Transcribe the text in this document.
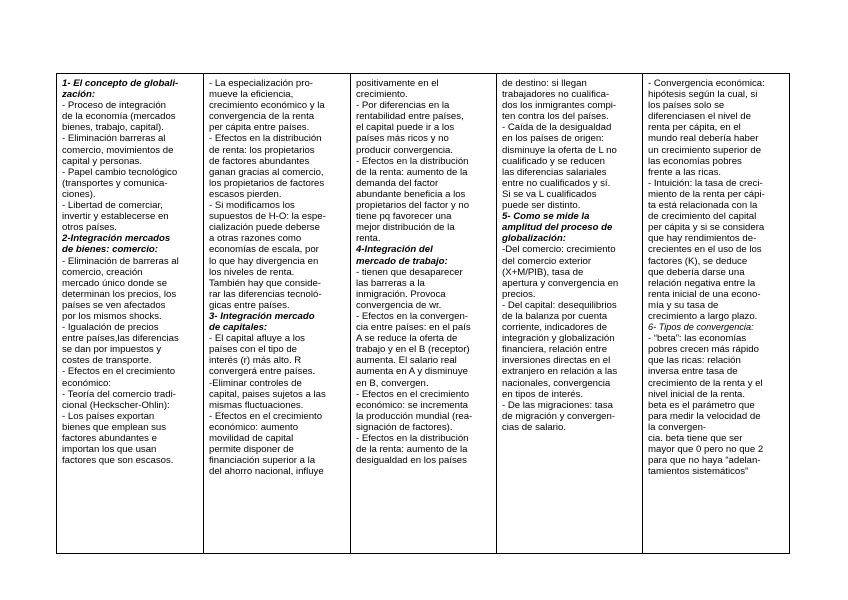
1- El concepto de globali-
zación:
- Proceso de integración
de la economía (mercados
bienes, trabajo, capital).
- Eliminación barreras al
comercio, movimientos de
capital y personas.
- Papel cambio tecnológico
(transportes y comunica-
ciones).
- Libertad de comerciar,
invertir y establecerse en
otros países.
2-Integración mercados
de bienes: comercio:
- Eliminación de barreras al
comercio, creación
mercado único donde se
determinan los precios, los
países se ven afectados
por los mismos shocks.
- Igualación de precios
entre países,las diferencias
se dan por impuestos y
costes de transporte.
- Efectos en el crecimiento
económico:
- Teoría del comercio tradi-
cional (Heckscher-Ohlin):
- Los países exportan
bienes que emplean sus
factores abundantes e
importan los que usan
factores que son escasos.
- La especialización pro-
mueve la eficiencia,
crecimiento económico y la
convergencia de la renta
per cápita entre países.
- Efectos en la distribución
de renta: los propietarios
de factores abundantes
ganan gracias al comercio,
los propietarios de factores
escasos pierden.
- Si modificamos los
supuestos de H-O: la espe-
cialización puede deberse
a otras razones como
economías de escala, por
lo que hay divergencia en
los niveles de renta.
También hay que conside-
rar las diferencias tecnoló-
gicas entre países.
3- Integración mercado
de capitales:
- El capital afluye a los
países con el tipo de
interés (r) más alto. R
convergerá entre países.
-Eliminar controles de
capital, paises sujetos a las
mismas fluctuaciones.
- Efectos en el crecimiento
económico: aumento
movilidad de capital
permite disponer de
financiación superior a la
del ahorro nacional, influye
positivamente en el
crecimiento.
- Por diferencias en la
rentabilidad entre países,
el capital puede ir a los
países más ricos y no
producir convergencia.
- Efectos en la distribución
de la renta: aumento de la
demanda del factor
abundante beneficia a los
propietarios del factor y no
tiene pq favorecer una
mejor distribución de la
renta.
4-Integración del
mercado de trabajo:
- tienen que desaparecer
las barreras a la
inmigración. Provoca
convergencia de wr.
- Efectos en la convergen-
cia entre países: en el país
A se reduce la oferta de
trabajo y en el B (receptor)
aumenta. El salario real
aumenta en A y disminuye
en B, convergen.
- Efectos en el crecimiento
económico: se incrementa
la producción mundial (rea-
signación de factores).
- Efectos en la distribución
de la renta: aumento de la
desigualdad en los países
de destino: si llegan
trabajadores no cualifica-
dos los inmigrantes compi-
ten contra los del países.
- Caída de la desigualdad
en los países de origen:
disminuye la oferta de L no
cualificado y se reducen
las diferencias salariales
entre no cualificados y sí.
Si se va L cualificados
puede ser distinto.
5- Como se mide la
amplitud del proceso de
globalización:
-Del comercio: crecimiento
del comercio exterior
(X+M/PIB), tasa de
apertura y convergencia en
precios.
- Del capital: desequilibrios
de la balanza por cuenta
corriente, indicadores de
integración y globalización
financiera, relación entre
inversiones directas en el
extranjero en relación a las
nacionales, convergencia
en tipos de interés.
- De las migraciones: tasa
de migración y convergen-
cias de salario.
- Convergencia económica:
hipótesis según la cual, si
los países solo se
diferenciasen el nivel de
renta per cápita, en el
mundo real debería haber
un crecimiento superior de
las economías pobres
frente a las ricas.
- Intuición: la tasa de creci-
miento de la renta per cápi-
ta está relacionada con la
de crecimiento del capital
per cápita y si se considera
que hay rendimientos de-
crecientes en el uso de los
factores (K), se deduce
que debería darse una
relación negativa entre la
renta inicial de una econo-
mía y su tasa de
crecimiento a largo plazo.
6- Tipos de convergencia:
- “beta”: las economías
pobres crecen más rápido
que las ricas: relación
inversa entre tasa de
crecimiento de la renta y el
nivel inicial de la renta.
beta es el parámetro que
para medir la velocidad de
la convergen-
cia. beta tiene que ser
mayor que 0 pero no que 2
para que no haya “adelan-
tamientos sistemáticos”
